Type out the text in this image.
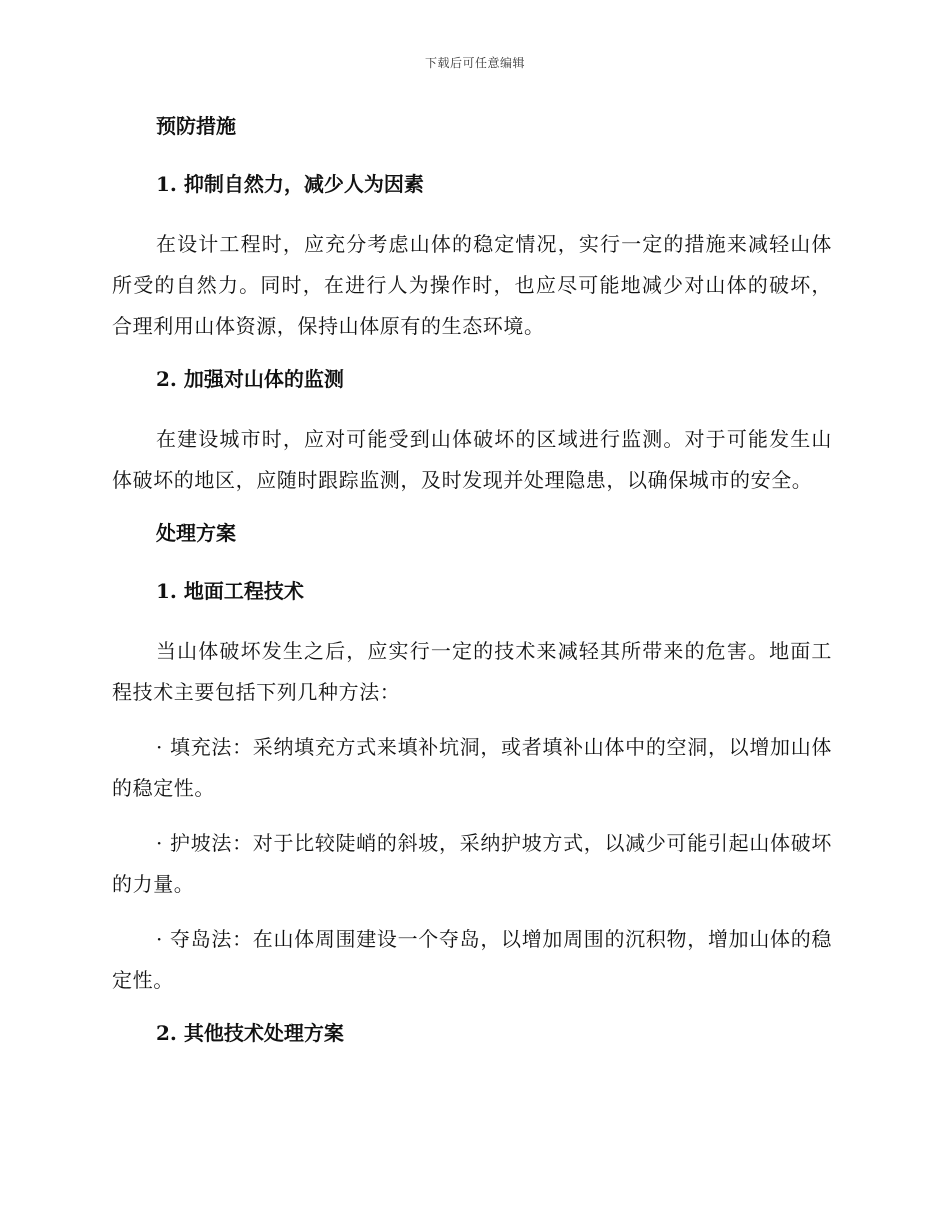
下载后可任意编辑
预防措施
1. 抑制自然力，减少人为因素
在设计工程时，应充分考虑山体的稳定情况，实行一定的措施来减轻山体所受的自然力。同时，在进行人为操作时，也应尽可能地减少对山体的破坏，合理利用山体资源，保持山体原有的生态环境。
2. 加强对山体的监测
在建设城市时，应对可能受到山体破坏的区域进行监测。对于可能发生山体破坏的地区，应随时跟踪监测，及时发现并处理隐患，以确保城市的安全。
处理方案
1. 地面工程技术
当山体破坏发生之后，应实行一定的技术来减轻其所带来的危害。地面工程技术主要包括下列几种方法：
· 填充法：采纳填充方式来填补坑洞，或者填补山体中的空洞，以增加山体的稳定性。
· 护坡法：对于比较陡峭的斜坡，采纳护坡方式，以减少可能引起山体破坏的力量。
· 夺岛法：在山体周围建设一个夺岛，以增加周围的沉积物，增加山体的稳定性。
2. 其他技术处理方案
